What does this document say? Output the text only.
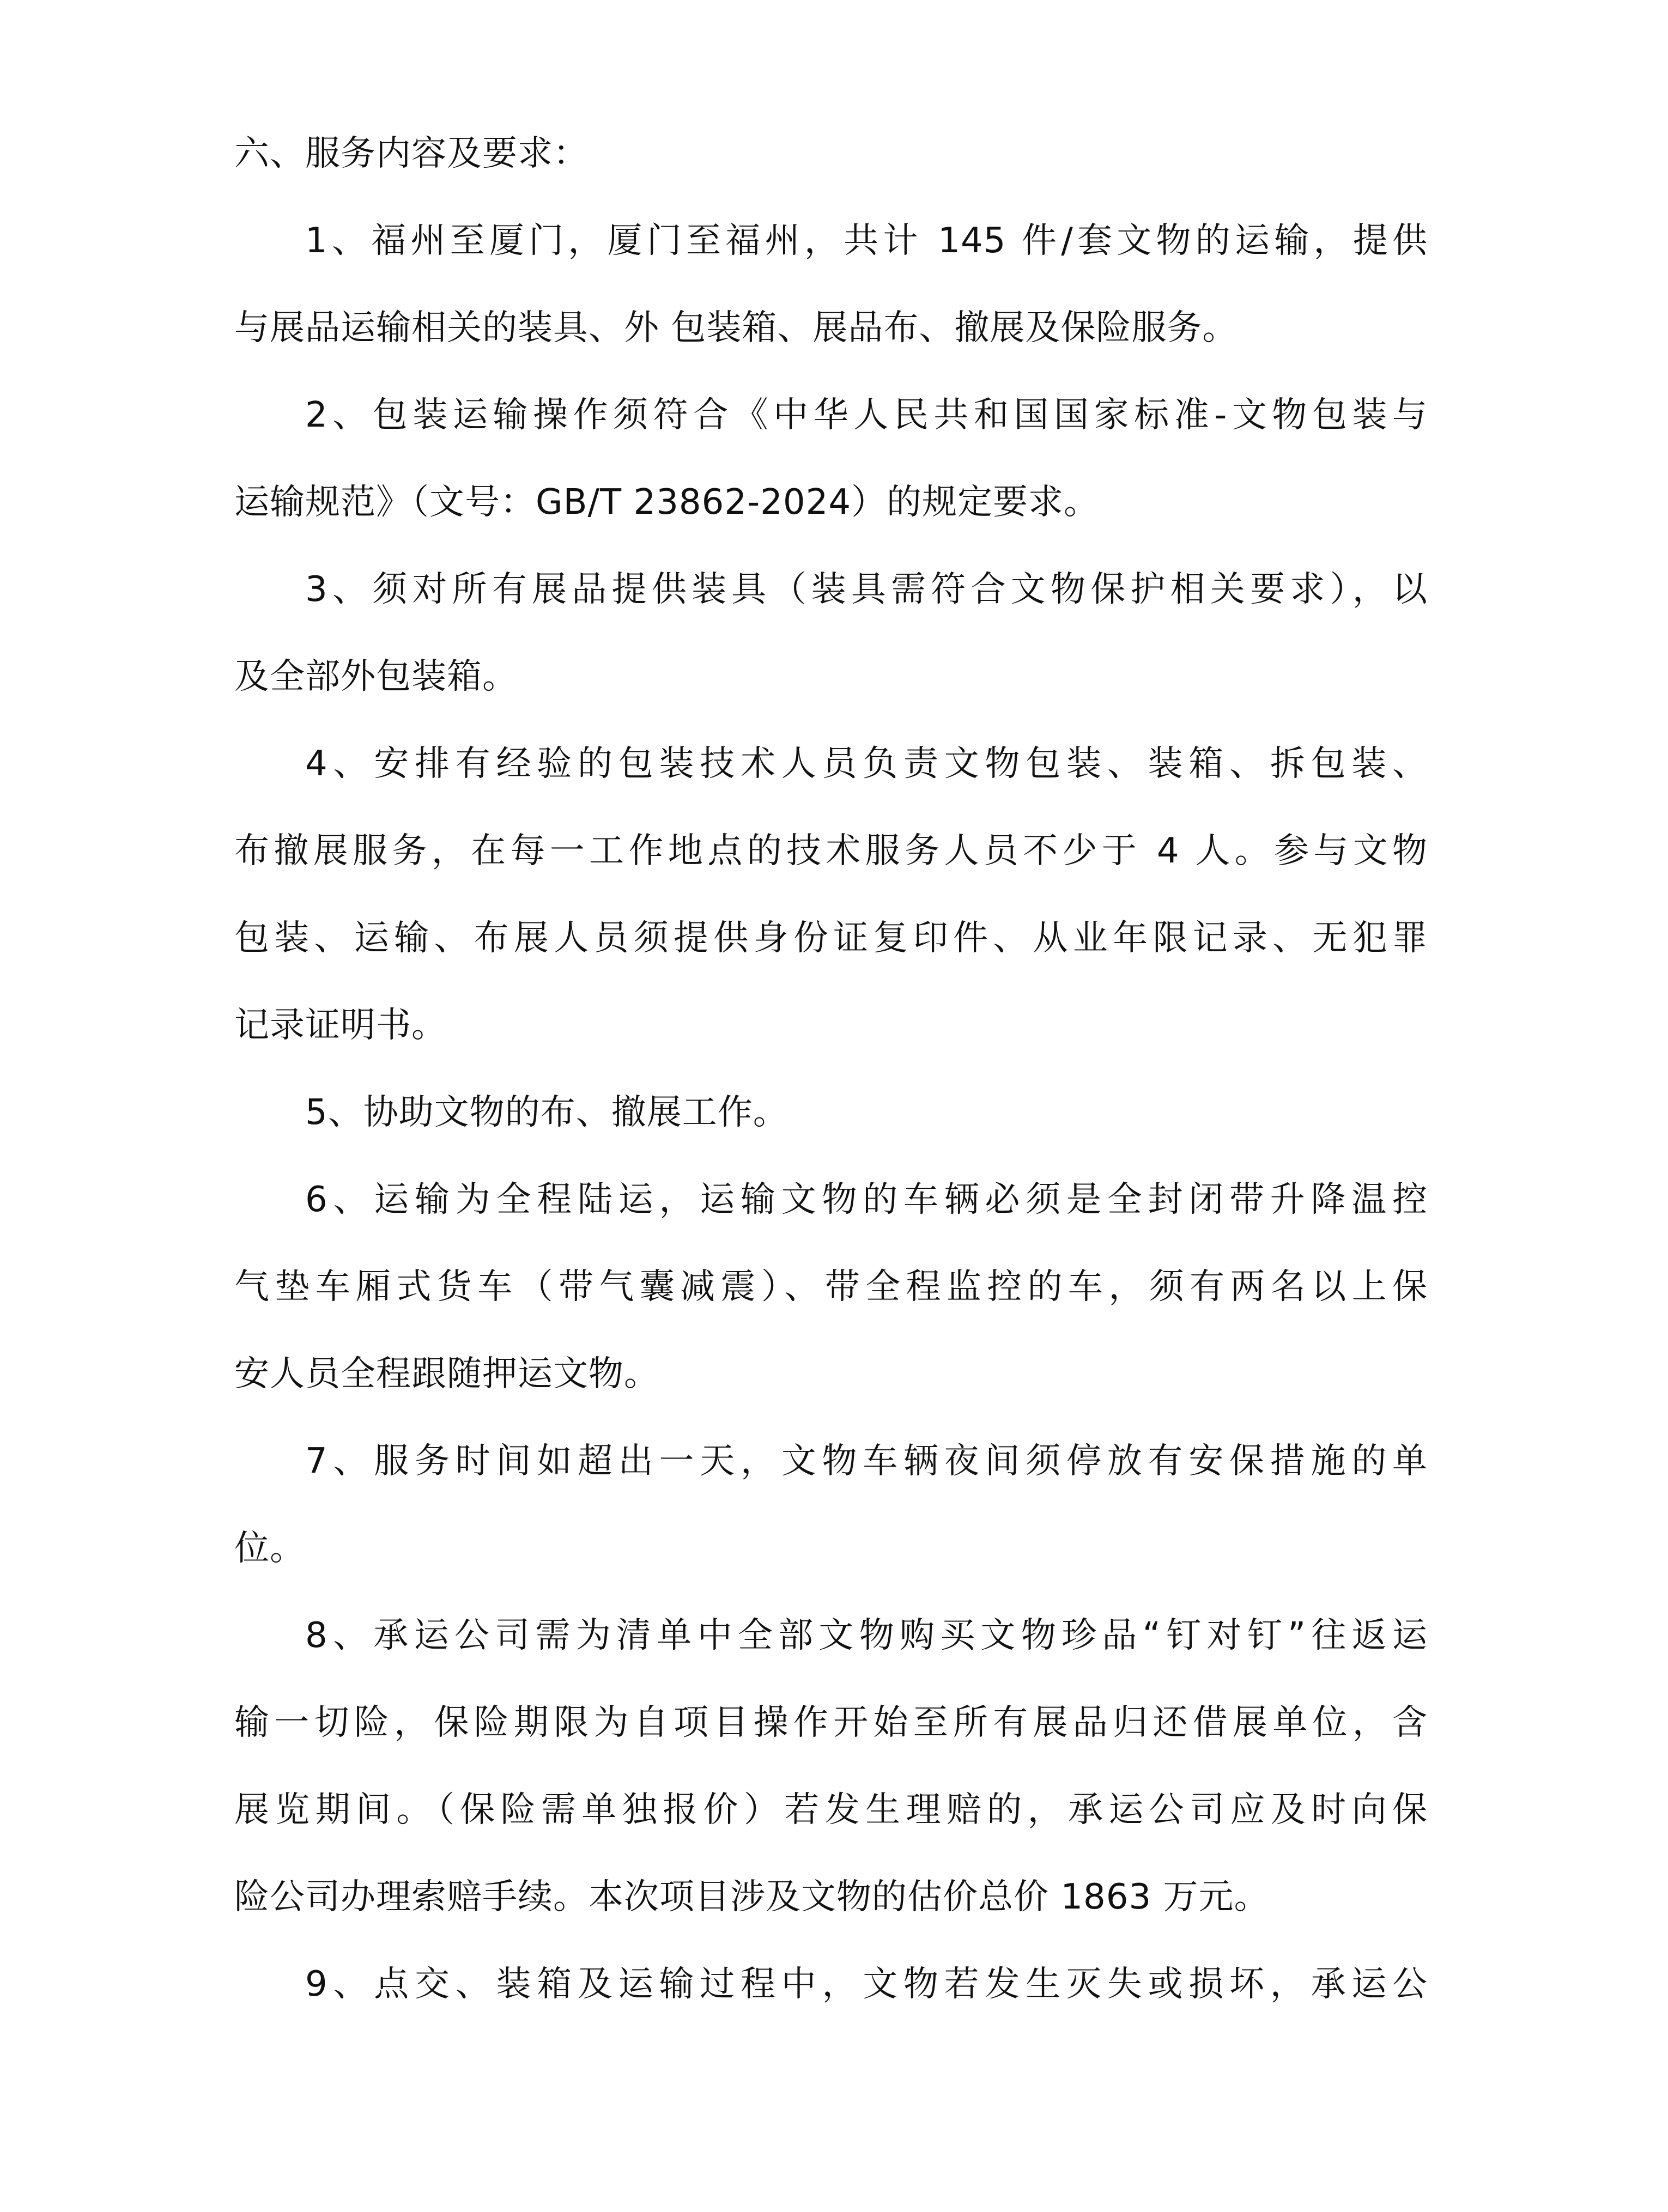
六、服务内容及要求：
1、福州至厦门，厦门至福州，共计 145 件/套文物的运输，提供
与展品运输相关的装具、外 包装箱、展品布、撤展及保险服务。
2、包装运输操作须符合《中华人民共和国国家标准-文物包装与
运输规范》（文号：GB/T 23862-2024）的规定要求。
3、须对所有展品提供装具（装具需符合文物保护相关要求），以
及全部外包装箱。
4、安排有经验的包装技术人员负责文物包装、装箱、拆包装、
布撤展服务，在每一工作地点的技术服务人员不少于 4 人。参与文物
包装、运输、布展人员须提供身份证复印件、从业年限记录、无犯罪
记录证明书。
5、协助文物的布、撤展工作。
6、运输为全程陆运，运输文物的车辆必须是全封闭带升降温控
气垫车厢式货车（带气囊减震）、带全程监控的车，须有两名以上保
安人员全程跟随押运文物。
7、服务时间如超出一天，文物车辆夜间须停放有安保措施的单
位。
8、承运公司需为清单中全部文物购买文物珍品“钉对钉”往返运
输一切险，保险期限为自项目操作开始至所有展品归还借展单位，含
展览期间。（保险需单独报价）若发生理赔的，承运公司应及时向保
险公司办理索赔手续。本次项目涉及文物的估价总价 1863 万元。
9、点交、装箱及运输过程中，文物若发生灭失或损坏，承运公
